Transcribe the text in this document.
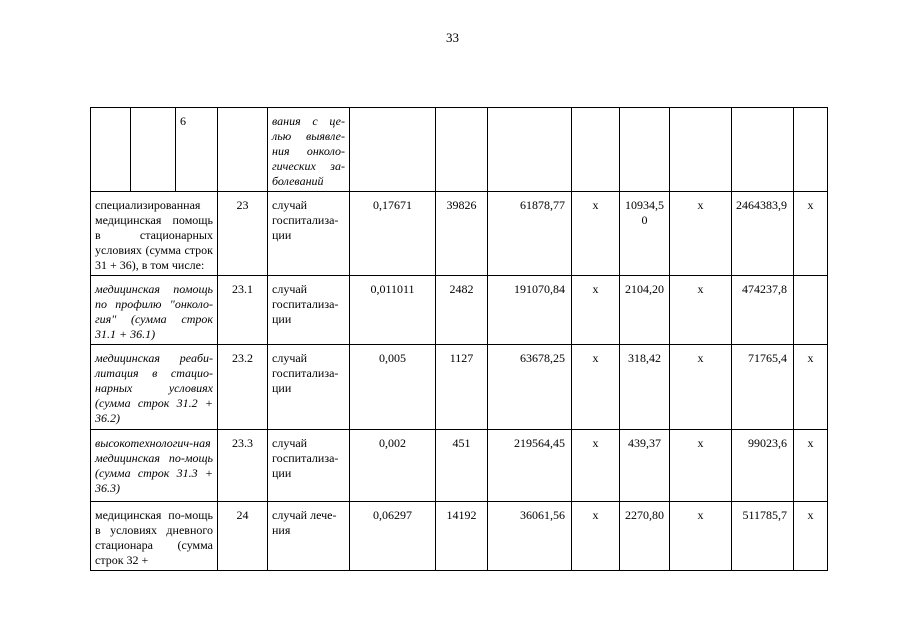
33
		6		вания с це-лью выявле-ния онколо-гических за-болеваний								

специализированная медицинская помощь в стационарных условиях (сумма строк 31 + 36), в том числе:			23	случай госпитализа-ции	0,17671	39826	61878,77	x	10934,5 0	x	2464383,9	x

медицинская помощь по профилю "онколо-гия" (сумма строк 31.1 + 36.1)			23.1	случай госпитализа-ции	0,011011	2482	191070,84	x	2104,20	x	474237,8	

медицинская реаби-литация в стацио-нарных условиях (сумма строк 31.2 + 36.2)			23.2	случай госпитализа-ции	0,005	1127	63678,25	x	318,42	x	71765,4	x

высокотехнологич-ная медицинская по-мощь (сумма строк 31.3 + 36.3)			23.3	случай госпитализа-ции	0,002	451	219564,45	x	439,37	x	99023,6	x

медицинская по-мощь в условиях дневного стационара (сумма строк 32 +			24	случай лече-ния	0,06297	14192	36061,56	x	2270,80	x	511785,7	x
